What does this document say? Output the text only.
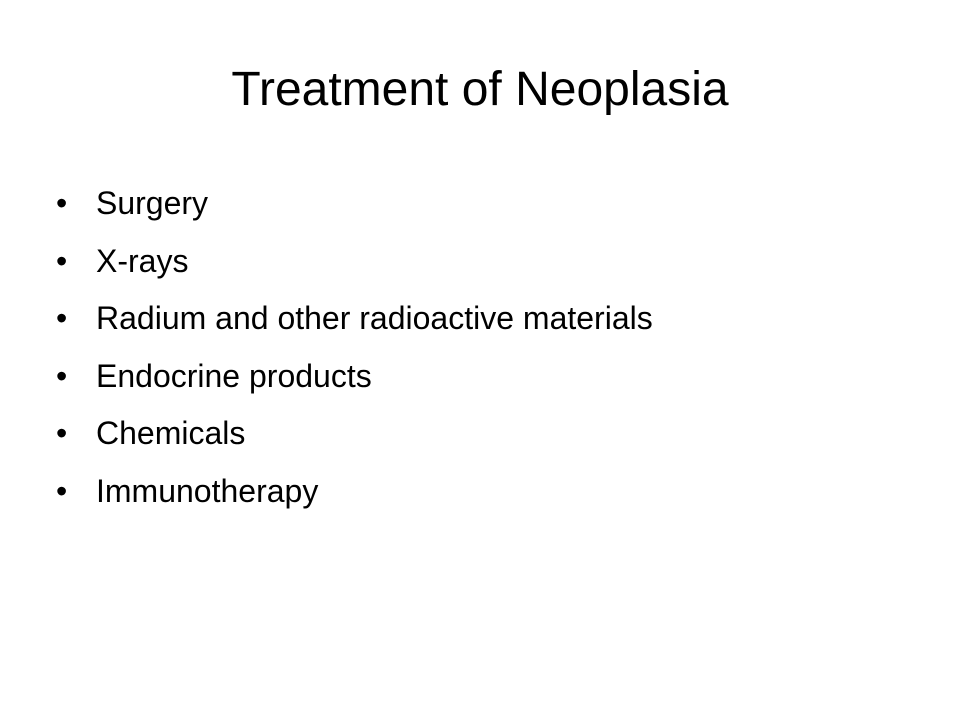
Treatment of Neoplasia
• Surgery
• X-rays
• Radium and other radioactive materials
• Endocrine products
• Chemicals
• Immunotherapy
